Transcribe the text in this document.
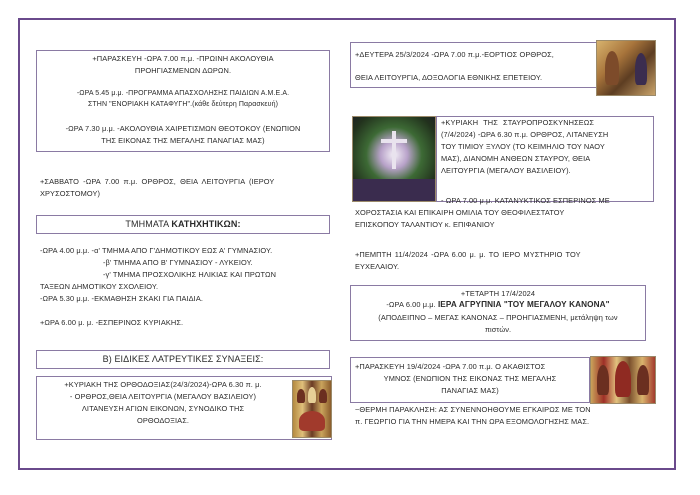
+ΠΑΡΑΣΚΕΥΗ -ΩΡΑ 7.00 π.μ. -ΠΡΩΙΝΗ ΑΚΟΛΟΥΘΙΑ
ΠΡΟΗΓΙΑΣΜΕΝΩΝ ΔΩΡΩΝ.
-ΩΡΑ 5.45 μ.μ. -ΠΡΟΓΡΑΜΜΑ ΑΠΑΣΧΟΛΗΣΗΣ ΠΑΙΔΙΩΝ Α.Μ.Ε.Α.
ΣΤΗΝ "ΕΝΟΡΙΑΚΗ ΚΑΤΑΦΥΓΗ".(κάθε δεύτερη Παρασκευή)
-ΩΡΑ 7.30 μ.μ. -ΑΚΟΛΟΥΘΙΑ ΧΑΙΡΕΤΙΣΜΩΝ ΘΕΟΤΟΚΟΥ (ΕΝΩΠΙΟΝ
ΤΗΣ ΕΙΚΟΝΑΣ ΤΗΣ ΜΕΓΑΛΗΣ ΠΑΝΑΓΙΑΣ ΜΑΣ)
+ΣΑΒΒΑΤΟ -ΩΡΑ 7.00 π.μ. ΟΡΘΡΟΣ, ΘΕΙΑ ΛΕΙΤΟΥΡΓΙΑ (ΙΕΡΟΥ
ΧΡΥΣΟΣΤΟΜΟΥ)
ΤΜΗΜΑΤΑ ΚΑΤΗΧΗΤΙΚΩΝ:
-ΩΡΑ 4.00 μ.μ. -α' ΤΜΗΜΑ ΑΠΟ Γ'ΔΗΜΟΤΙΚΟΥ ΕΩΣ Α' ΓΥΜΝΑΣΙΟΥ.
-β' ΤΜΗΜΑ ΑΠΟ Β' ΓΥΜΝΑΣΙΟΥ - ΛΥΚΕΙΟΥ.
-γ' ΤΜΗΜΑ ΠΡΟΣΧΟΛΙΚΗΣ ΗΛΙΚΙΑΣ ΚΑΙ ΠΡΩΤΩΝ
ΤΑΞΕΩΝ ΔΗΜΟΤΙΚΟΥ ΣΧΟΛΕΙΟΥ.
-ΩΡΑ 5.30 μ.μ. -ΕΚΜΑΘΗΣΗ ΣΚΑΚΙ ΓΙΑ ΠΑΙΔΙΑ.
+ΩΡΑ 6.00 μ. μ. -ΕΣΠΕΡΙΝΟΣ ΚΥΡΙΑΚΗΣ.
Β) ΕΙΔΙΚΕΣ ΛΑΤΡΕΥΤΙΚΕΣ ΣΥΝΑΞΕΙΣ:
+ΚΥΡΙΑΚΗ ΤΗΣ ΟΡΘΟΔΟΞΙΑΣ(24/3/2024)-ΩΡΑ 6.30 π. μ.
- ΟΡΘΡΟΣ,ΘΕΙΑ ΛΕΙΤΟΥΡΓΙΑ (ΜΕΓΑΛΟΥ ΒΑΣΙΛΕΙΟΥ)
ΛΙΤΑΝΕΥΣΗ ΑΓΙΩΝ ΕΙΚΟΝΩΝ, ΣΥΝΟΔΙΚΟ ΤΗΣ
ΟΡΘΟΔΟΞΙΑΣ.
+ΔΕΥΤΕΡΑ 25/3/2024 -ΩΡΑ 7.00 π.μ.-ΕΟΡΤΙΟΣ ΟΡΘΡΟΣ,
ΘΕΙΑ ΛΕΙΤΟΥΡΓΙΑ, ΔΟΞΟΛΟΓΙΑ ΕΘΝΙΚΗΣ ΕΠΕΤΕΙΟΥ.
+ΚΥΡΙΑΚΗ ΤΗΣ ΣΤΑΥΡΟΠΡΟΣΚΥΝΗΣΕΩΣ
(7/4/2024) -ΩΡΑ 6.30 π.μ. ΟΡΘΡΟΣ, ΛΙΤΑΝΕΥΣΗ
ΤΟΥ ΤΙΜΙΟΥ ΞΥΛΟΥ (ΤΟ ΚΕΙΜΗΛΙΟ ΤΟΥ ΝΑΟΥ
ΜΑΣ), ΔΙΑΝΟΜΗ ΑΝΘΕΩΝ ΣΤΑΥΡΟΥ, ΘΕΙΑ
ΛΕΙΤΟΥΡΓΙΑ (ΜΕΓΑΛΟΥ ΒΑΣΙΛΕΙΟΥ).
- ΩΡΑ 7.00 μ.μ. ΚΑΤΑΝΥΚΤΙΚΟΣ ΕΣΠΕΡΙΝΟΣ ΜΕ
ΧΟΡΟΣΤΑΣΙΑ ΚΑΙ ΕΠΙΚΑΙΡΗ ΟΜΙΛΙΑ ΤΟΥ ΘΕΟΦΙΛΕΣΤΑΤΟΥ
ΕΠΙΣΚΟΠΟΥ ΤΑΛΑΝΤΙΟΥ κ. ΕΠΙΦΑΝΙΟΥ
+ΠΕΜΠΤΗ 11/4/2024 -ΩΡΑ 6.00 μ. μ. ΤΟ ΙΕΡΟ ΜΥΣΤΗΡΙΟ ΤΟΥ
ΕΥΧΕΛΑΙΟΥ.
+ΤΕΤΑΡΤΗ 17/4/2024
-ΩΡΑ 6.00 μ.μ. ΙΕΡΑ ΑΓΡΥΠΝΙΑ "ΤΟΥ ΜΕΓΑΛΟΥ ΚΑΝΟΝΑ"
(ΑΠΟΔΕΙΠΝΟ – ΜΕΓΑΣ ΚΑΝΟΝΑΣ – ΠΡΟΗΓΙΑΣΜΕΝΗ, μετάληψη των
πιστών.
+ΠΑΡΑΣΚΕΥΗ 19/4/2024 -ΩΡΑ 7.00 π.μ. Ο ΑΚΑΘΙΣΤΟΣ
ΥΜΝΟΣ (ΕΝΩΠΙΟΝ ΤΗΣ ΕΙΚΟΝΑΣ ΤΗΣ ΜΕΓΑΛΗΣ
ΠΑΝΑΓΙΑΣ ΜΑΣ)
~ΘΕΡΜΗ ΠΑΡΑΚΛΗΣΗ: ΑΣ ΣΥΝΕΝΝΟΗΘΟΥΜΕ ΕΓΚΑΙΡΩΣ ΜΕ ΤΟΝ
π. ΓΕΩΡΓΙΟ ΓΙΑ ΤΗΝ ΗΜΕΡΑ ΚΑΙ ΤΗΝ ΩΡΑ ΕΞΟΜΟΛΟΓΗΣΗΣ ΜΑΣ.
